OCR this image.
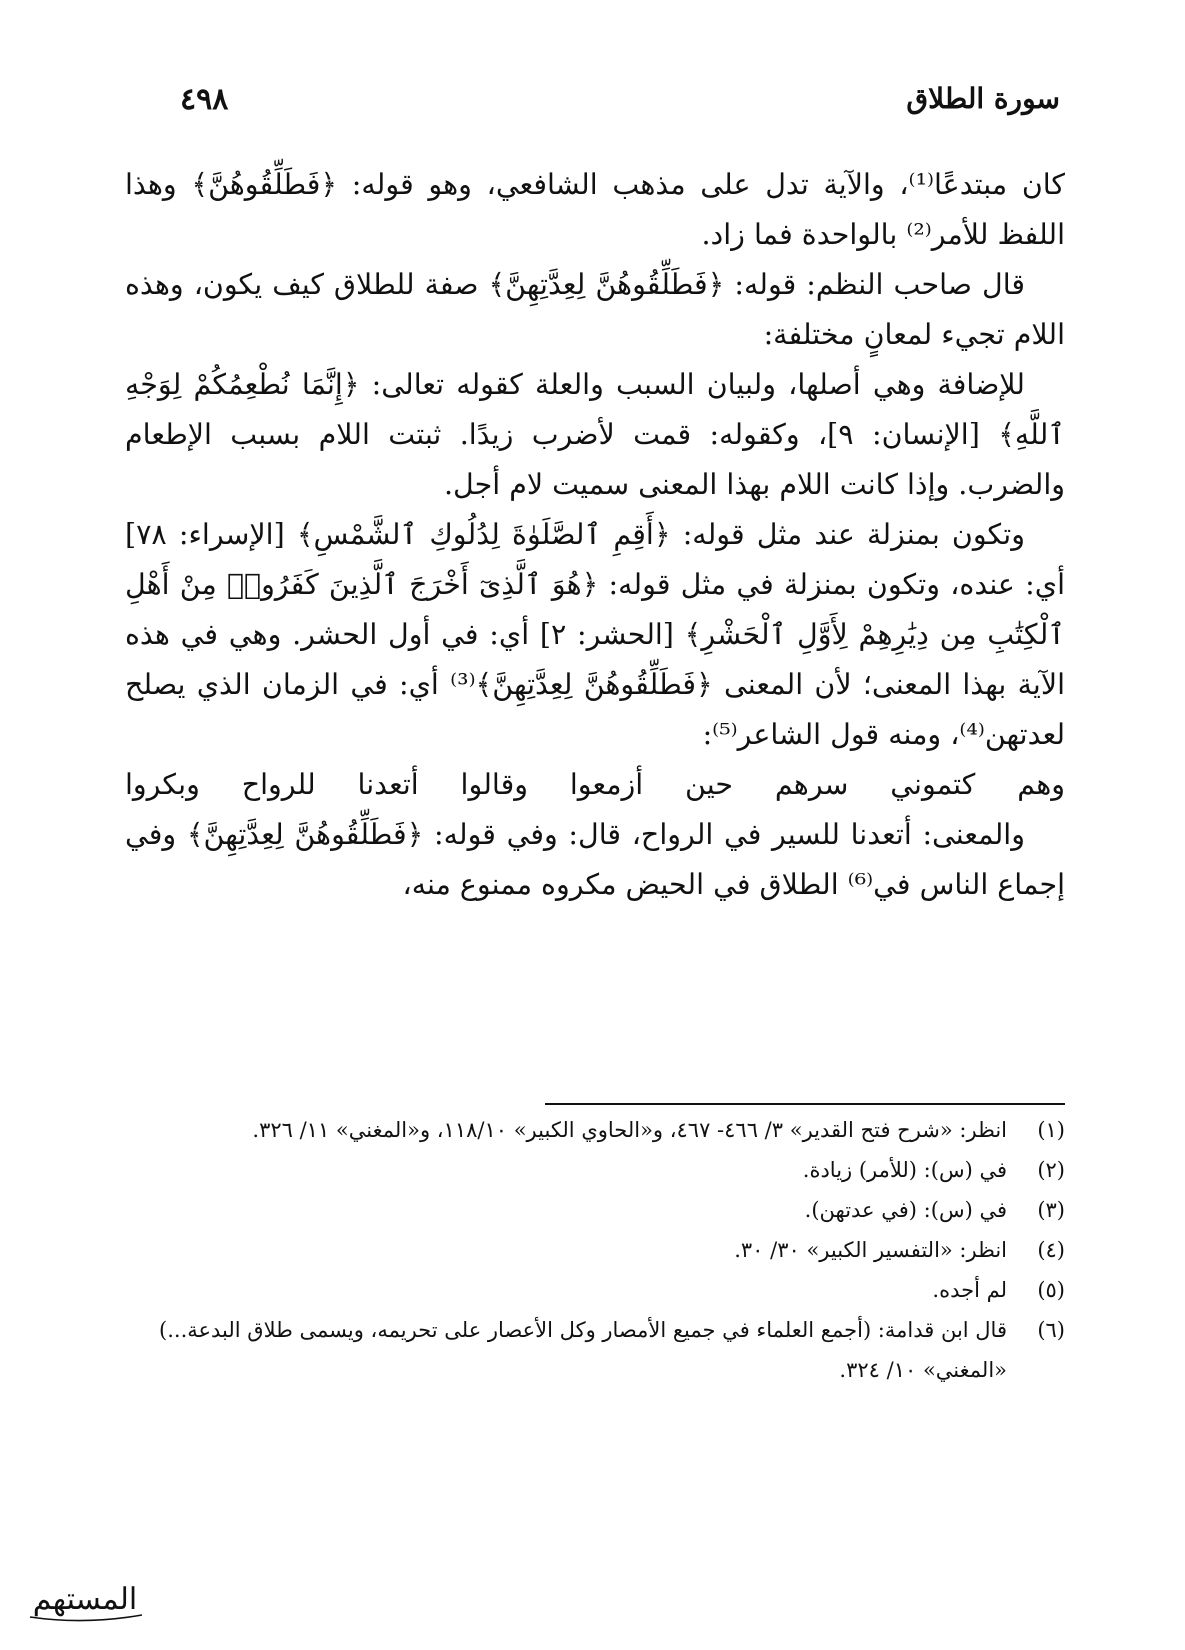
٤٩٨	سورة الطلاق

كان مبتدعًا⁽¹⁾، والآية تدل على مذهب الشافعي، وهو قوله: ﴿فَطَلِّقُوهُنَّ﴾ وهذا اللفظ للأمر⁽²⁾ بالواحدة فما زاد.

قال صاحب النظم: قوله: ﴿فَطَلِّقُوهُنَّ لِعِدَّتِهِنَّ﴾ صفة للطلاق كيف يكون، وهذه اللام تجيء لمعانٍ مختلفة:

للإضافة وهي أصلها، ولبيان السبب والعلة كقوله تعالى: ﴿إِنَّمَا نُطْعِمُكُمْ لِوَجْهِ ٱللَّهِ﴾ [الإنسان: ٩]، وكقوله: قمت لأضرب زيدًا. ثبتت اللام بسبب الإطعام والضرب. وإذا كانت اللام بهذا المعنى سميت لام أجل.

وتكون بمنزلة عند مثل قوله: ﴿أَقِمِ ٱلصَّلَوٰةَ لِدُلُوكِ ٱلشَّمْسِ﴾ [الإسراء: ٧٨] أي: عنده، وتكون بمنزلة في مثل قوله: ﴿هُوَ ٱلَّذِىٓ أَخْرَجَ ٱلَّذِينَ كَفَرُوا۟ مِنْ أَهْلِ ٱلْكِتَٰبِ مِن دِيَٰرِهِمْ لِأَوَّلِ ٱلْحَشْرِ﴾ [الحشر: ٢] أي: في أول الحشر. وهي في هذه الآية بهذا المعنى؛ لأن المعنى ﴿فَطَلِّقُوهُنَّ لِعِدَّتِهِنَّ﴾⁽³⁾ أي: في الزمان الذي يصلح لعدتهن⁽⁴⁾، ومنه قول الشاعر⁽⁵⁾:

وهم كتموني سرهم حين أزمعوا وقالوا أتعدنا للرواح وبكروا

والمعنى: أتعدنا للسير في الرواح، قال: وفي قوله: ﴿فَطَلِّقُوهُنَّ لِعِدَّتِهِنَّ﴾ وفي إجماع الناس في⁽⁶⁾ الطلاق في الحيض مكروه ممنوع منه،

(١)
انظر: «شرح فتح القدير» ٣/ ٤٦٦- ٤٦٧، و«الحاوي الكبير» ١١٨/١٠، و«المغني» ١١/ ٣٢٦.
(٢)
في (س): (للأمر) زيادة.
(٣)
في (س): (في عدتهن).
(٤)
انظر: «التفسير الكبير» ٣٠/ ٣٠.
(٥)
لم أجده.
(٦)
قال ابن قدامة: (أجمع العلماء في جميع الأمصار وكل الأعصار على تحريمه، ويسمى طلاق البدعة...) «المغني» ١٠/ ٣٢٤.
المستهم
